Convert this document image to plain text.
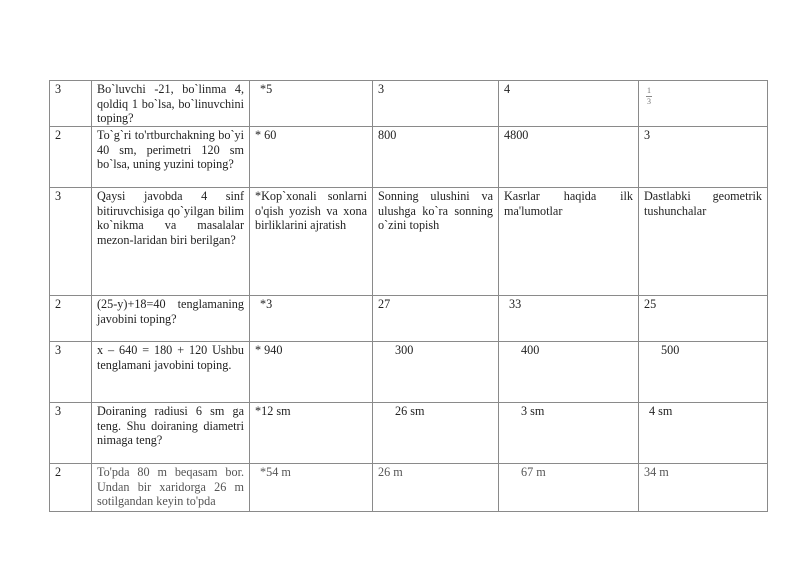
3	Bo`luvchi -21, bo`linma 4, qoldiq 1 bo`lsa, bo`linuvchini toping?	*5	3	4	$\frac{1}{3}$

2	To`g`ri to'rtburchakning bo`yi 40 sm, perimetri 120 sm bo`lsa, uning yuzini toping?	* 60	800	4800	3
3	Qaysi javobda 4 sinf bitiruvchisiga qo`yilgan bilim ko`nikma va masalalar mezon-laridan biri berilgan?	*Kop`xonali sonlarni o'qish yozish va xona birliklarini ajratish	Sonning ulushini va ulushga ko`ra sonning o`zini topish	Kasrlar haqida ilk ma'lumotlar	Dastlabki geometrik tushunchalar
2	(25-y)+18=40 tenglamaning javobini toping?	*3	27	33	25
3	x – 640 = 180 + 120 Ushbu tenglamani javobini toping.	* 940	300	400	500
3	Doiraning radiusi 6 sm ga teng. Shu doiraning diametri nimaga teng?	*12 sm	26 sm	3 sm	4 sm
2	To'pda 80 m beqasam bor. Undan bir xaridorga 26 m sotilgandan keyin to'pda	*54 m	26 m	67 m	34 m
